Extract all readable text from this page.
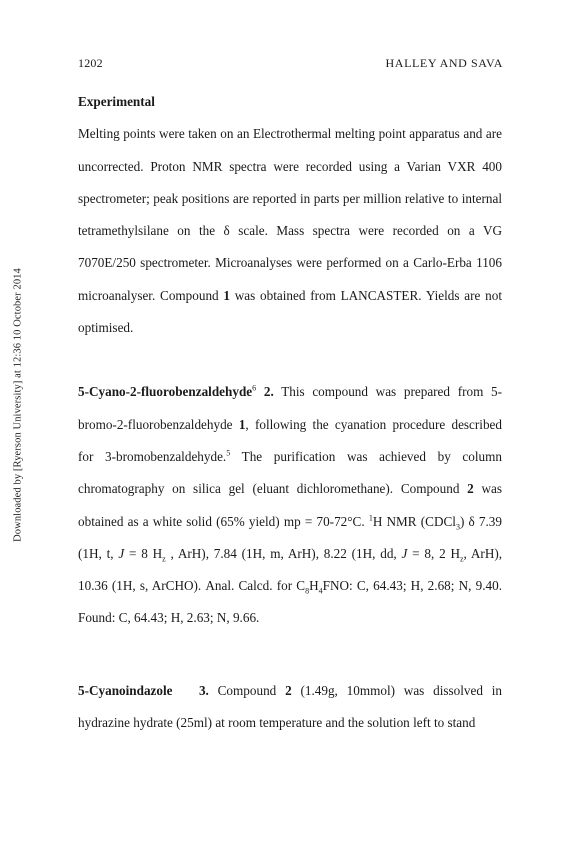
Downloaded by [Ryerson University] at 12:36 10 October 2014
1202	HALLEY AND SAVA

Experimental

Melting points were taken on an Electrothermal melting point apparatus and are uncorrected. Proton NMR spectra were recorded using a Varian VXR 400 spectrometer; peak positions are reported in parts per million relative to internal tetramethylsilane on the δ scale. Mass spectra were recorded on a VG 7070E/250 spectrometer. Microanalyses were performed on a Carlo-Erba 1106 microanalyser. Compound 1 was obtained from LANCASTER. Yields are not optimised.

5-Cyano-2-fluorobenzaldehyde$^6$ 2. This compound was prepared from 5-bromo-2-fluorobenzaldehyde 1, following the cyanation procedure described for 3-bromobenzaldehyde.$^5$ The purification was achieved by column chromatography on silica gel (eluant dichloromethane). Compound 2 was obtained as a white solid (65% yield) mp = 70-72°C. $^1$H NMR (CDCl$_3$) δ 7.39 (1H, t, J = 8 $H_z$ , ArH), 7.84 (1H, m, ArH), 8.22 (1H, dd, J = 8, 2 $H_z$, ArH), 10.36 (1H, s, ArCHO). Anal. Calcd. for $C_8H_4FNO$: C, 64.43; H, 2.68; N, 9.40. Found: C, 64.43; H, 2.63; N, 9.66.

5-Cyanoindazole 3. Compound 2 (1.49g, 10mmol) was dissolved in hydrazine hydrate (25ml) at room temperature and the solution left to stand
